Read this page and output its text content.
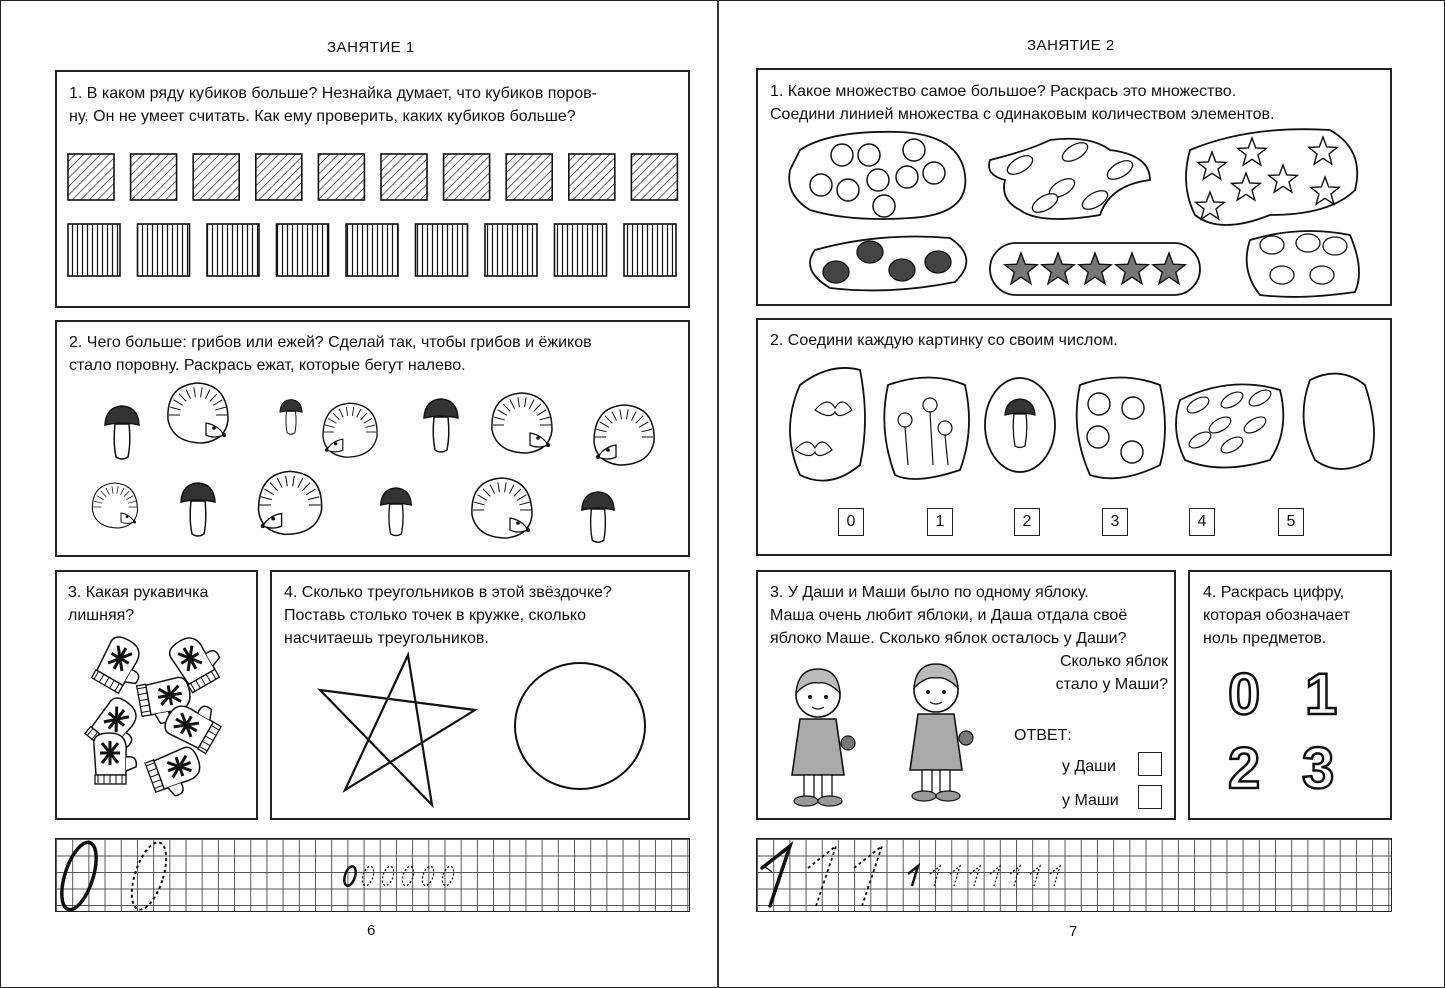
ЗАНЯТИЕ 1
1. В каком ряду кубиков больше? Незнайка думает, что кубиков поров-
ну. Он не умеет считать. Как ему проверить, каких кубиков больше?
2. Чего больше: грибов или ежей? Сделай так, чтобы грибов и ёжиков
стало поровну. Раскрась ежат, которые бегут налево.
3. Какая рукавичка
лишняя?
4. Сколько треугольников в этой звёздочке?
Поставь столько точек в кружке, сколько
насчитаешь треугольников.
6
ЗАНЯТИЕ 2
1. Какое множество самое большое? Раскрась это множество.
Соедини линией множества с одинаковым количеством элементов.
2. Соедини каждую картинку со своим числом.
0	1	2	3	4	5
3. У Даши и Маши было по одному яблоку.
Маша очень любит яблоки, и Даша отдала своё
яблоко Маше. Сколько яблок осталось у Даши?
Сколько яблок
стало у Маши?
ОТВЕТ:
у Даши
у Маши
4. Раскрась цифру,
которая обозначает
ноль предметов.
0 1
2 3
7
